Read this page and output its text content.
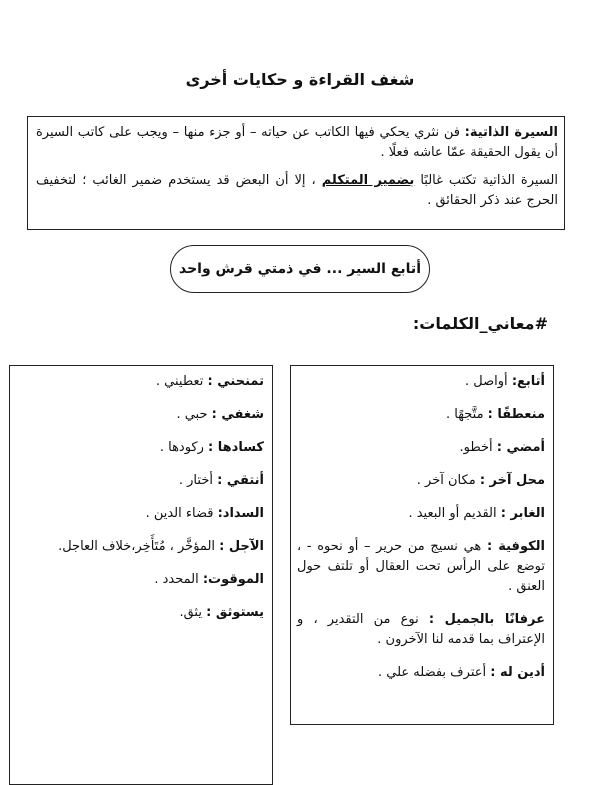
شغف القراءة و حكايات أخرى

السيرة الذاتية: فن نثري يحكي فيها الكاتب عن حياته – أو جزء منها – ويجب على كاتب السيرة أن يقول الحقيقة عمّا عاشه فعلًا .

السيرة الذاتية تكتب غالبًا بضمير المتكلم ، إلا أن البعض قد يستخدم ضمير الغائب ؛ لتخفيف الحرج عند ذكر الحقائق .

أتابع السير ... في ذمتي قرش واحد
#معاني_الكلمات:
أتابع: أواصل .
منعطفًا : متَّجهًا .
أمضي : أخطو.
محل آخر : مكان آخر .
الغابر : القديم أو البعيد .
الكوفية : هي نسيج من حرير – أو نحوه - ، توضع على الرأس تحت العقال أو تلتف حول العنق .
عرفانًا بالجميل : نوع من التقدير ، و الإعتراف بما قدمه لنا الآخرون .
أدين له : أعترف بفضله علي .
تمنحني : تعطيني .
شغفي : حبي .
كسادها : ركودها .
أنتقي : أختار .
السداد: قضاء الدين .
الآجل : المؤخَّر ، مُتَأَخِر،خلاف العاجل.
الموقوت: المحدد .
يستوثق : يثق.
